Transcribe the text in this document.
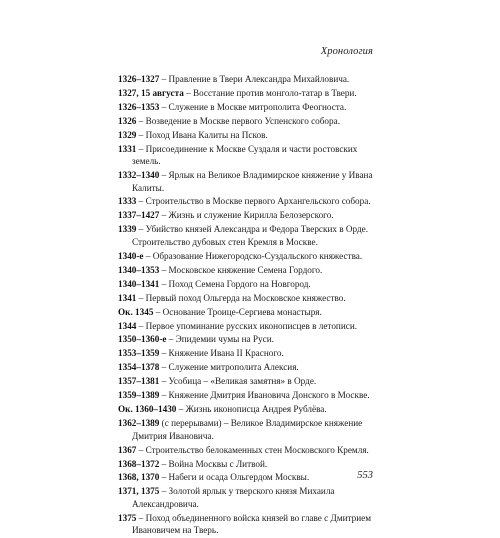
Хронология
1326–1327 – Правление в Твери Александра Михайловича.
1327, 15 августа – Восстание против монголо-татар в Твери.
1326–1353 – Служение в Москве митрополита Феогноста.
1326 – Возведение в Москве первого Успенского собора.
1329 – Поход Ивана Калиты на Псков.
1331 – Присоединение к Москве Суздаля и части ростовских земель.
1332–1340 – Ярлык на Великое Владимирское княжение у Ивана Калиты.
1333 – Строительство в Москве первого Архангельского собора.
1337–1427 – Жизнь и служение Кирилла Белозерского.
1339 – Убийство князей Александра и Федора Тверских в Орде. Строительство дубовых стен Кремля в Москве.
1340-е – Образование Нижегородско-Суздальского княжества.
1340–1353 – Московское княжение Семена Гордого.
1340–1341 – Поход Семена Гордого на Новгород.
1341 – Первый поход Ольгерда на Московское княжество.
Ок. 1345 – Основание Троице-Сергиева монастыря.
1344 – Первое упоминание русских иконописцев в летописи.
1350–1360-е – Эпидемии чумы на Руси.
1353–1359 – Княжение Ивана II Красного.
1354–1378 – Служение митрополита Алексия.
1357–1381 – Усобица – «Великая замятня» в Орде.
1359–1389 – Княжение Дмитрия Ивановича Донского в Москве.
Ок. 1360–1430 – Жизнь иконописца Андрея Рублёва.
1362–1389 (с перерывами) – Великое Владимирское княжение Дмитрия Ивановича.
1367 – Строительство белокаменных стен Московского Кремля.
1368–1372 – Война Москвы с Литвой.
1368, 1370 – Набеги и осада Ольгердом Москвы.
1371, 1375 – Золотой ярлык у тверского князя Михаила Александровича.
1375 – Поход объединенного войска князей во главе с Дмитрием Ивановичем на Тверь.
553
